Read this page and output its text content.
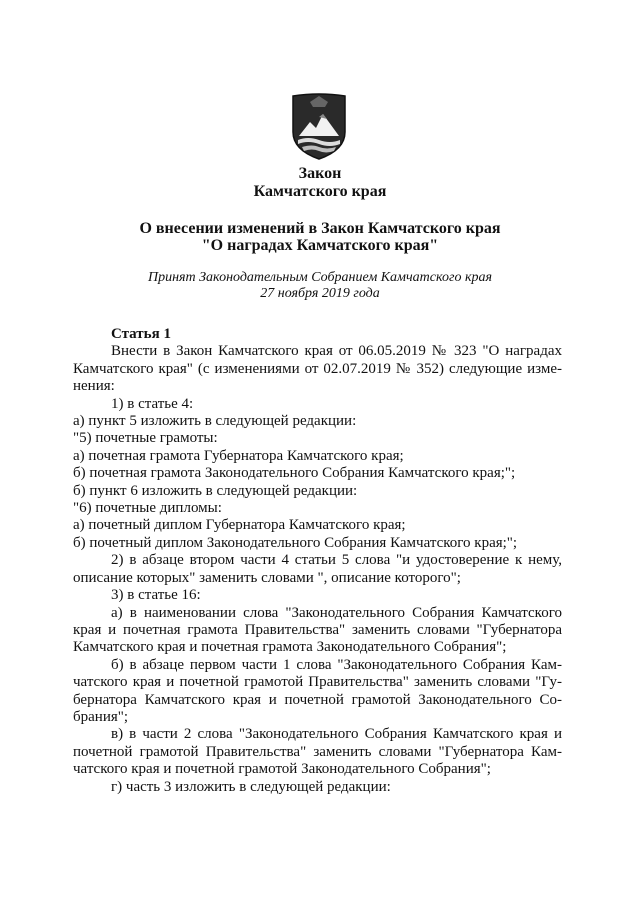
Закон
Камчатского края
О внесении изменений в Закон Камчатского края
"О наградах Камчатского края"
Принят Законодательным Собранием Камчатского края
27 ноября 2019 года

Статья 1

Внести в Закон Камчатского края от 06.05.2019 № 323 "О наградах Камчатского края" (с изменениями от 02.07.2019 № 352) следующие изме-нения:

1) в статье 4:

а) пункт 5 изложить в следующей редакции:

"5) почетные грамоты:

а) почетная грамота Губернатора Камчатского края;

б) почетная грамота Законодательного Собрания Камчатского края;";

б) пункт 6 изложить в следующей редакции:

"6) почетные дипломы:

а) почетный диплом Губернатора Камчатского края;

б) почетный диплом Законодательного Собрания Камчатского края;";

2) в абзаце втором части 4 статьи 5 слова "и удостоверение к нему, описание которых" заменить словами ", описание которого";

3) в статье 16:

а) в наименовании слова "Законодательного Собрания Камчатского края и почетная грамота Правительства" заменить словами "Губернатора Камчатского края и почетная грамота Законодательного Собрания";

б) в абзаце первом части 1 слова "Законодательного Собрания Кам-чатского края и почетной грамотой Правительства" заменить словами "Гу-бернатора Камчатского края и почетной грамотой Законодательного Со-брания";

в) в части 2 слова "Законодательного Собрания Камчатского края и почетной грамотой Правительства" заменить словами "Губернатора Кам-чатского края и почетной грамотой Законодательного Собрания";

г) часть 3 изложить в следующей редакции:
